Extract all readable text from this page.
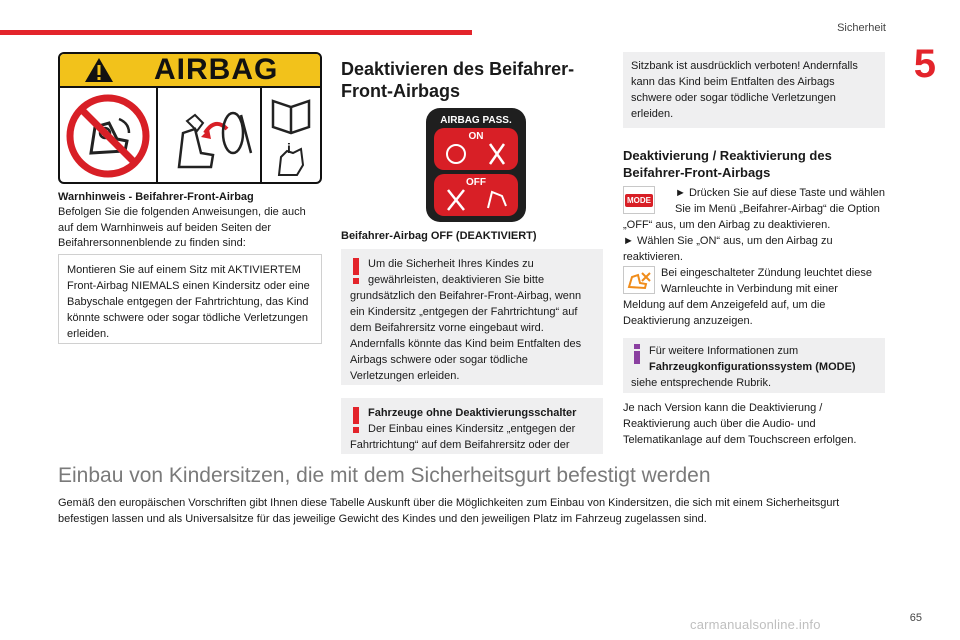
Sicherheit
5
AIRBAG
i
Warnhinweis - Beifahrer-Front-Airbag
Befolgen Sie die folgenden Anweisungen, die auch auf dem Warnhinweis auf beiden Seiten der Beifahrersonnenblende zu finden sind:
Montieren Sie auf einem Sitz mit AKTIVIERTEM Front-Airbag NIEMALS einen Kindersitz oder eine Babyschale entgegen der Fahrtrichtung, das Kind könnte schwere oder sogar tödliche Verletzungen erleiden.
Deaktivieren des Beifahrer-Front-Airbags
AIRBAG PASS.
ON
OFF
Beifahrer-Airbag OFF (DEAKTIVIERT)
Um die Sicherheit Ihres Kindes zu gewährleisten, deaktivieren Sie bitte
grundsätzlich den Beifahrer-Front-Airbag, wenn ein Kindersitz „entgegen der Fahrtrichtung“ auf dem Beifahrersitz vorne eingebaut wird. Andernfalls könnte das Kind beim Entfalten des Airbags schwere oder sogar tödliche Verletzungen erleiden.
Fahrzeuge ohne Deaktivierungsschalter
Der Einbau eines Kindersitz „entgegen der
Fahrtrichtung“ auf dem Beifahrersitz oder der
Sitzbank ist ausdrücklich verboten! Andernfalls kann das Kind beim Entfalten des Airbags schwere oder sogar tödliche Verletzungen erleiden.
Deaktivierung / Reaktivierung des Beifahrer-Front-Airbags
MODE
► Drücken Sie auf diese Taste und wählen Sie im Menü „Beifahrer-Airbag“ die Option
„OFF“ aus, um den Airbag zu deaktivieren.
► Wählen Sie „ON“ aus, um den Airbag zu reaktivieren.
Bei eingeschalteter Zündung leuchtet diese Warnleuchte in Verbindung mit einer
Meldung auf dem Anzeigefeld auf, um die Deaktivierung anzuzeigen.
Für weitere Informationen zum
Fahrzeugkonfigurationssystem (MODE)
siehe entsprechende Rubrik.
Je nach Version kann die Deaktivierung / Reaktivierung auch über die Audio- und Telematikanlage auf dem Touchscreen erfolgen.
Einbau von Kindersitzen, die mit dem Sicherheitsgurt befestigt werden
Gemäß den europäischen Vorschriften gibt Ihnen diese Tabelle Auskunft über die Möglichkeiten zum Einbau von Kindersitzen, die sich mit einem Sicherheitsgurt befestigen lassen und als Universalsitze für das jeweilige Gewicht des Kindes und den jeweiligen Platz im Fahrzeug zugelassen sind.
carmanualsonline.info	65
